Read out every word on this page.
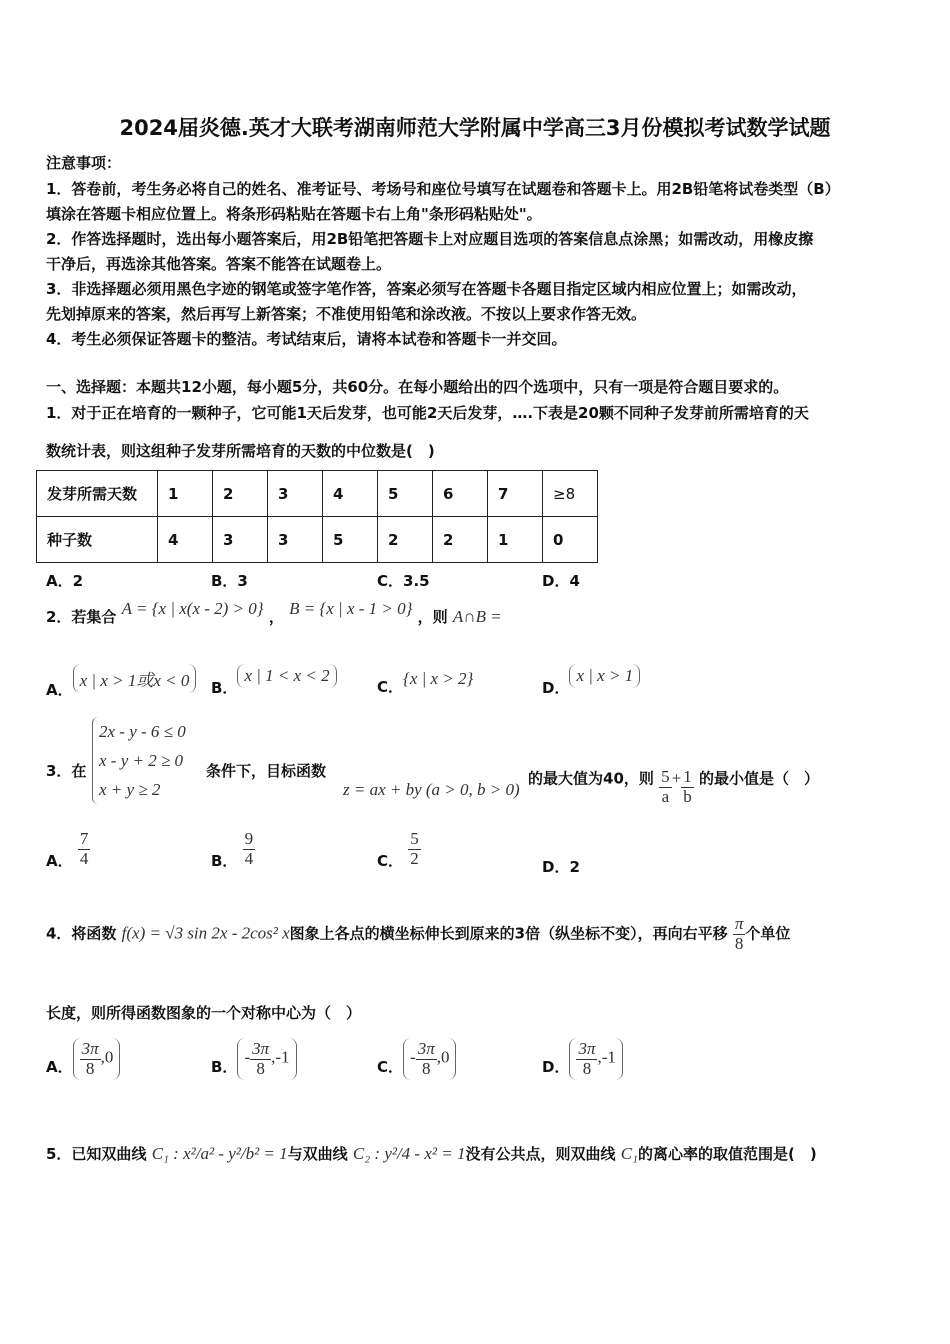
2024届炎德.英才大联考湖南师范大学附属中学高三3月份模拟考试数学试题
注意事项：
1．答卷前，考生务必将自己的姓名、准考证号、考场号和座位号填写在试题卷和答题卡上。用2B铅笔将试卷类型（B）
填涂在答题卡相应位置上。将条形码粘贴在答题卡右上角"条形码粘贴处"。
2．作答选择题时，选出每小题答案后，用2B铅笔把答题卡上对应题目选项的答案信息点涂黑；如需改动，用橡皮擦
干净后，再选涂其他答案。答案不能答在试题卷上。
3．非选择题必须用黑色字迹的钢笔或签字笔作答，答案必须写在答题卡各题目指定区域内相应位置上；如需改动，
先划掉原来的答案，然后再写上新答案；不准使用铅笔和涂改液。不按以上要求作答无效。
4．考生必须保证答题卡的整洁。考试结束后，请将本试卷和答题卡一并交回。
一、选择题：本题共12小题，每小题5分，共60分。在每小题给出的四个选项中，只有一项是符合题目要求的。
1．对于正在培育的一颗种子，它可能1天后发芽，也可能2天后发芽，….下表是20颗不同种子发芽前所需培育的天
数统计表，则这组种子发芽所需培育的天数的中位数是(　)
发芽所需天数	1	2	3	4	5	6	7	≥8
种子数	4	3	3	5	2	2	1	0
A．2	B．3	C．3.5	D．4
2．若集合 A = {x | x(x - 2) > 0} ， B = {x | x - 1 > 0} ，则 A∩B =
A． x | x > 1或x < 0	B．x | 1 < x < 2
C．{x | x > 2}	D．x | x > 1
3．在
2x - y - 6 ≤ 0
x - y + 2 ≥ 0
x + y ≥ 2
条件下，目标函数
z = ax + by (a > 0, b > 0)
的最大值为40，则 $\frac{5}{a} + \frac{1}{b}$ 的最小值是（　）
A． $\frac{7}{4}$	B． $\frac{9}{4}$	C． $\frac{5}{2}$	D．2
4．将函数 f(x) = √3 sin 2x - 2cos² x图象上各点的横坐标伸长到原来的3倍（纵坐标不变），再向右平移 $\frac{\pi}{8}$ 个单位
长度，则所得函数图象的一个对称中心为（　）
A． $\frac{3\pi}{8} ,0$
B．- $\frac{3\pi}{8} ,-1$
C．- $\frac{3\pi}{8} ,0$
D． $\frac{3\pi}{8} ,-1$
5．已知双曲线 C₁ : x²/a² - y²/b² = 1与双曲线 C₂ : y²/4 - x² = 1没有公共点，则双曲线 C₁的离心率的取值范围是(　)
